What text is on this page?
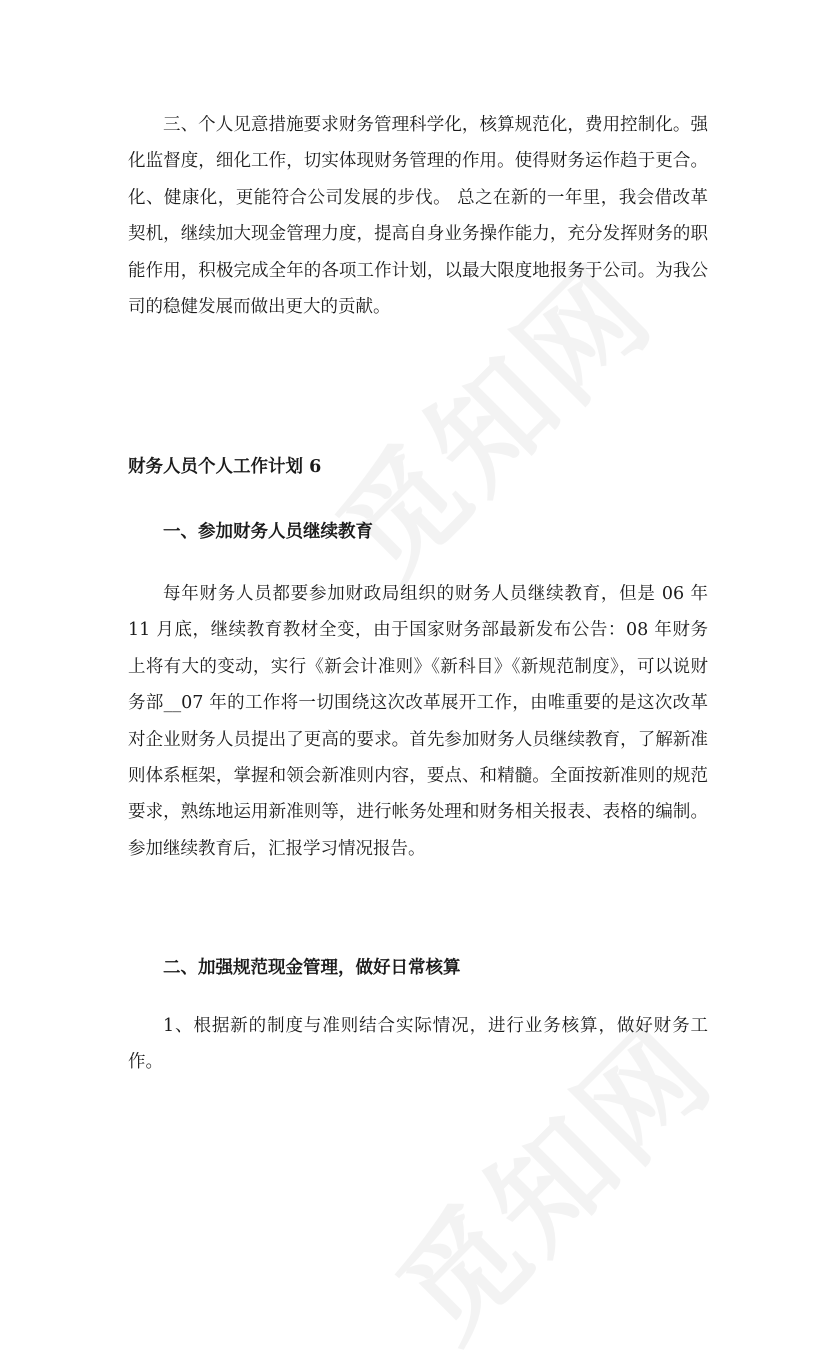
三、个人见意措施要求财务管理科学化，核算规范化，费用控制化。强化监督度，细化工作，切实体现财务管理的作用。使得财务运作趋于更合。化、健康化，更能符合公司发展的步伐。 总之在新的一年里，我会借改革契机，继续加大现金管理力度，提高自身业务操作能力，充分发挥财务的职能作用，积极完成全年的各项工作计划，以最大限度地报务于公司。为我公司的稳健发展而做出更大的贡献。

财务人员个人工作计划 6

一、参加财务人员继续教育

每年财务人员都要参加财政局组织的财务人员继续教育，但是 06 年 11 月底，继续教育教材全变，由于国家财务部最新发布公告：08 年财务上将有大的变动，实行《新会计准则》《新科目》《新规范制度》，可以说财务部__07 年的工作将一切围绕这次改革展开工作，由唯重要的是这次改革对企业财务人员提出了更高的要求。首先参加财务人员继续教育，了解新准则体系框架，掌握和领会新准则内容，要点、和精髓。全面按新准则的规范要求，熟练地运用新准则等，进行帐务处理和财务相关报表、表格的编制。参加继续教育后，汇报学习情况报告。

二、加强规范现金管理，做好日常核算

1、根据新的制度与准则结合实际情况，进行业务核算，做好财务工作。
